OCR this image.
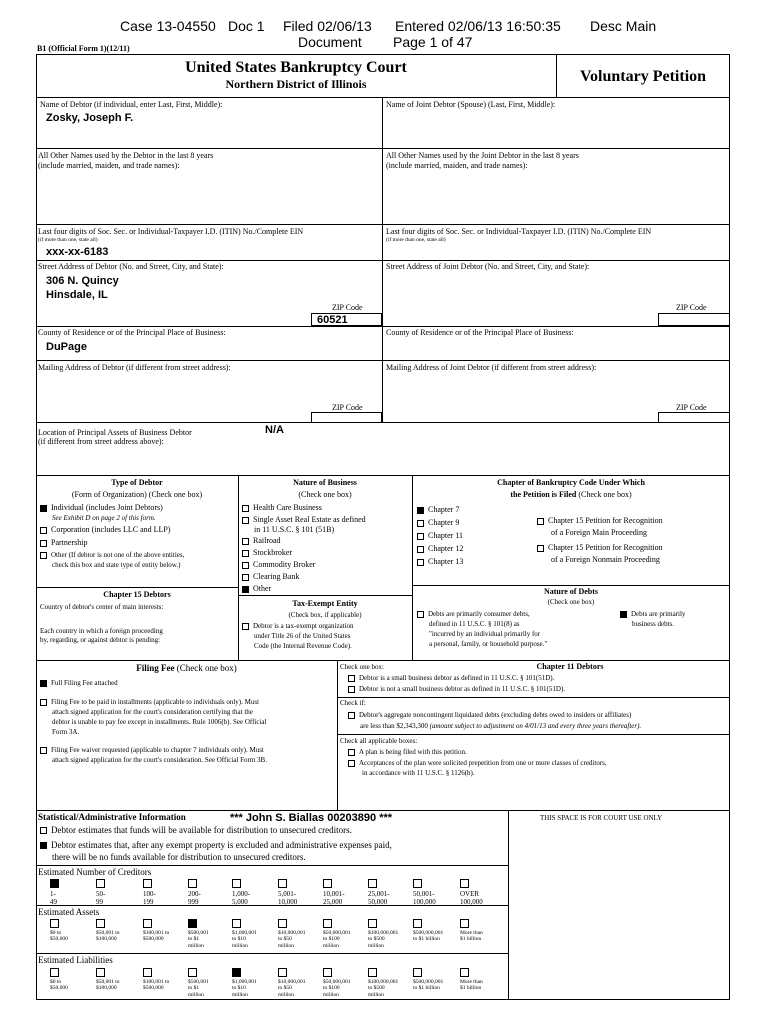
Case 13-04550 Doc 1 Filed 02/06/13 Entered 02/06/13 16:50:35 Desc Main
Document Page 1 of 47
B1 (Official Form 1)(12/11)
United States Bankruptcy Court
Northern District of Illinois	Voluntary Petition
Name of Debtor (if individual, enter Last, First, Middle):
Zosky, Joseph F.
Name of Joint Debtor (Spouse) (Last, First, Middle):
All Other Names used by the Debtor in the last 8 years
(include married, maiden, and trade names):
All Other Names used by the Joint Debtor in the last 8 years
(include married, maiden, and trade names):
Last four digits of Soc. Sec. or Individual-Taxpayer I.D. (ITIN) No./Complete EIN
(if more than one, state all)
xxx-xx-6183
Last four digits of Soc. Sec. or Individual-Taxpayer I.D. (ITIN) No./Complete EIN
(if more than one, state all)
Street Address of Debtor (No. and Street, City, and State):
306 N. Quincy
Hinsdale, IL
ZIP Code
60521
Street Address of Joint Debtor (No. and Street, City, and State):
ZIP Code
County of Residence or of the Principal Place of Business:
DuPage
County of Residence or of the Principal Place of Business:
Mailing Address of Debtor (if different from street address):
ZIP Code
Mailing Address of Joint Debtor (if different from street address):
ZIP Code
Location of Principal Assets of Business Debtor
(if different from street address above):
N/A
Type of Debtor
(Form of Organization) (Check one box)
Individual (includes Joint Debtors)
See Exhibit D on page 2 of this form.
Corporation (includes LLC and LLP)
Partnership
Other (If debtor is not one of the above entities,
check this box and state type of entity below.)
Nature of Business
(Check one box)
Health Care Business
Single Asset Real Estate as defined
in 11 U.S.C. § 101 (51B)
Railroad
Stockbroker
Commodity Broker
Clearing Bank
Other
Chapter of Bankruptcy Code Under Which
the Petition is Filed (Check one box)
Chapter 7
Chapter 9
Chapter 11
Chapter 12
Chapter 13
Chapter 15 Petition for Recognition
of a Foreign Main Proceeding
Chapter 15 Petition for Recognition
of a Foreign Nonmain Proceeding
Chapter 15 Debtors
Country of debtor's center of main interests:
Each country in which a foreign proceeding
by, regarding, or against debtor is pending:
Tax-Exempt Entity
(Check box, if applicable)
Debtor is a tax-exempt organization
under Title 26 of the United States
Code (the Internal Revenue Code).
Nature of Debts
(Check one box)
Debts are primarily consumer debts,
defined in 11 U.S.C. § 101(8) as
"incurred by an individual primarily for
a personal, family, or household purpose."
Debts are primarily
business debts.
Filing Fee (Check one box)
Full Filing Fee attached
Filing Fee to be paid in installments (applicable to individuals only). Must
attach signed application for the court's consideration certifying that the
debtor is unable to pay fee except in installments. Rule 1006(b). See Official
Form 3A.
Filing Fee waiver requested (applicable to chapter 7 individuals only). Must
attach signed application for the court's consideration. See Official Form 3B.
Check one box:	Chapter 11 Debtors
Debtor is a small business debtor as defined in 11 U.S.C. § 101(51D).
Debtor is not a small business debtor as defined in 11 U.S.C. § 101(51D).
Check if:
Debtor's aggregate noncontingent liquidated debts (excluding debts owed to insiders or affiliates)
are less than $2,343,300 (amount subject to adjustment on 4/01/13 and every three years thereafter).
Check all applicable boxes:
A plan is being filed with this petition.
Acceptances of the plan were solicited prepetition from one or more classes of creditors,
in accordance with 11 U.S.C. § 1126(b).
Statistical/Administrative Information	*** John S. Biallas 00203890 ***	THIS SPACE IS FOR COURT USE ONLY
Debtor estimates that funds will be available for distribution to unsecured creditors.
Debtor estimates that, after any exempt property is excluded and administrative expenses paid,
there will be no funds available for distribution to unsecured creditors.
Estimated Number of Creditors
1-
49
50-
99
100-
199
200-
999
1,000-
5,000
5,001-
10,000
10,001-
25,000
25,001-
50,000
50,001-
100,000
OVER
100,000
Estimated Assets
$0 to
$50,000
$50,001 to
$100,000
$100,001 to
$500,000
$500,001
to $1
million
$1,000,001
to $10
million
$10,000,001
to $50
million
$50,000,001
to $100
million
$100,000,001
to $500
million
$500,000,001
to $1 billion
More than
$1 billion
Estimated Liabilities
$0 to
$50,000
$50,001 to
$100,000
$100,001 to
$500,000
$500,001
to $1
million
$1,000,001
to $10
million
$10,000,001
to $50
million
$50,000,001
to $100
million
$100,000,001
to $500
million
$500,000,001
to $1 billion
More than
$1 billion
